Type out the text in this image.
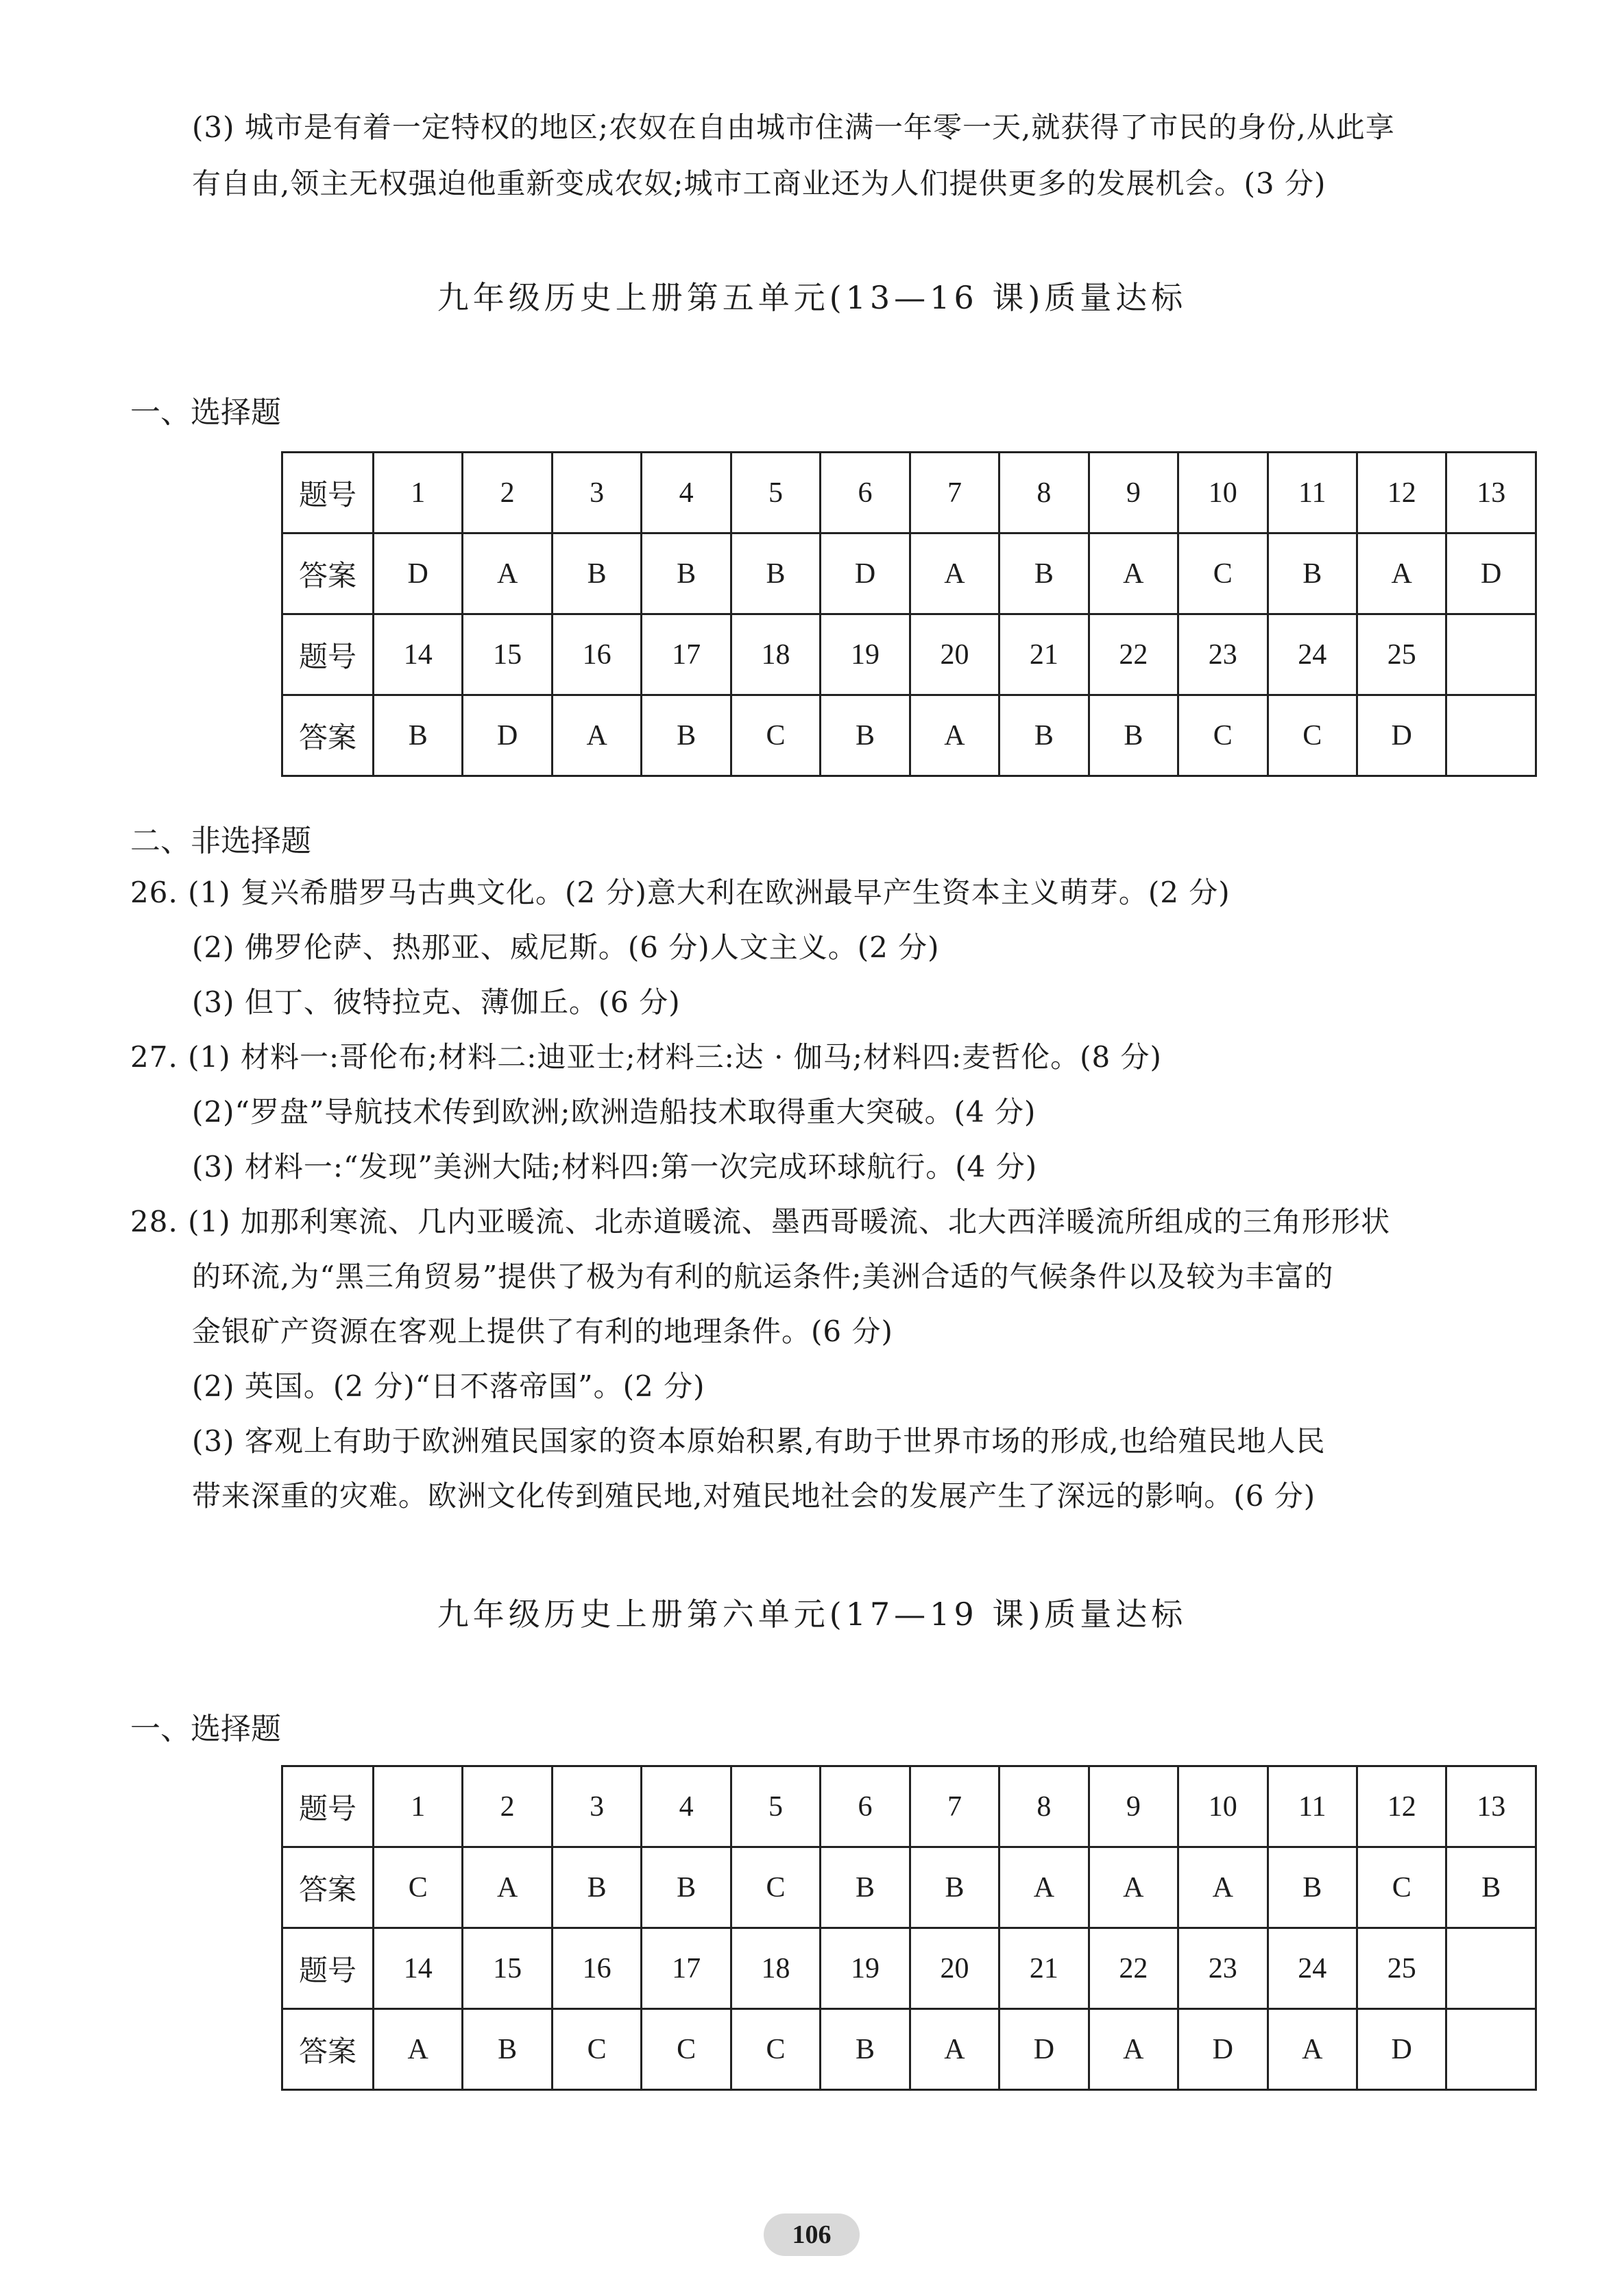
(3) 城市是有着一定特权的地区;农奴在自由城市住满一年零一天,就获得了市民的身份,从此享
有自由,领主无权强迫他重新变成农奴;城市工商业还为人们提供更多的发展机会。(3 分)
九年级历史上册第五单元(13—16 课)质量达标
一、选择题
题号	1	2	3	4	5	6	7	8	9	10	11	12	13
答案	D	A	B	B	B	D	A	B	A	C	B	A	D
题号	14	15	16	17	18	19	20	21	22	23	24	25	
答案	B	D	A	B	C	B	A	B	B	C	C	D	
二、非选择题
26. (1) 复兴希腊罗马古典文化。(2 分)意大利在欧洲最早产生资本主义萌芽。(2 分)
(2) 佛罗伦萨、热那亚、威尼斯。(6 分)人文主义。(2 分)
(3) 但丁、彼特拉克、薄伽丘。(6 分)
27. (1) 材料一:哥伦布;材料二:迪亚士;材料三:达 · 伽马;材料四:麦哲伦。(8 分)
(2)“罗盘”导航技术传到欧洲;欧洲造船技术取得重大突破。(4 分)
(3) 材料一:“发现”美洲大陆;材料四:第一次完成环球航行。(4 分)
28. (1) 加那利寒流、几内亚暖流、北赤道暖流、墨西哥暖流、北大西洋暖流所组成的三角形形状
的环流,为“黑三角贸易”提供了极为有利的航运条件;美洲合适的气候条件以及较为丰富的
金银矿产资源在客观上提供了有利的地理条件。(6 分)
(2) 英国。(2 分)“日不落帝国”。(2 分)
(3) 客观上有助于欧洲殖民国家的资本原始积累,有助于世界市场的形成,也给殖民地人民
带来深重的灾难。欧洲文化传到殖民地,对殖民地社会的发展产生了深远的影响。(6 分)
九年级历史上册第六单元(17—19 课)质量达标
一、选择题
题号	1	2	3	4	5	6	7	8	9	10	11	12	13
答案	C	A	B	B	C	B	B	A	A	A	B	C	B
题号	14	15	16	17	18	19	20	21	22	23	24	25	
答案	A	B	C	C	C	B	A	D	A	D	A	D	
106
